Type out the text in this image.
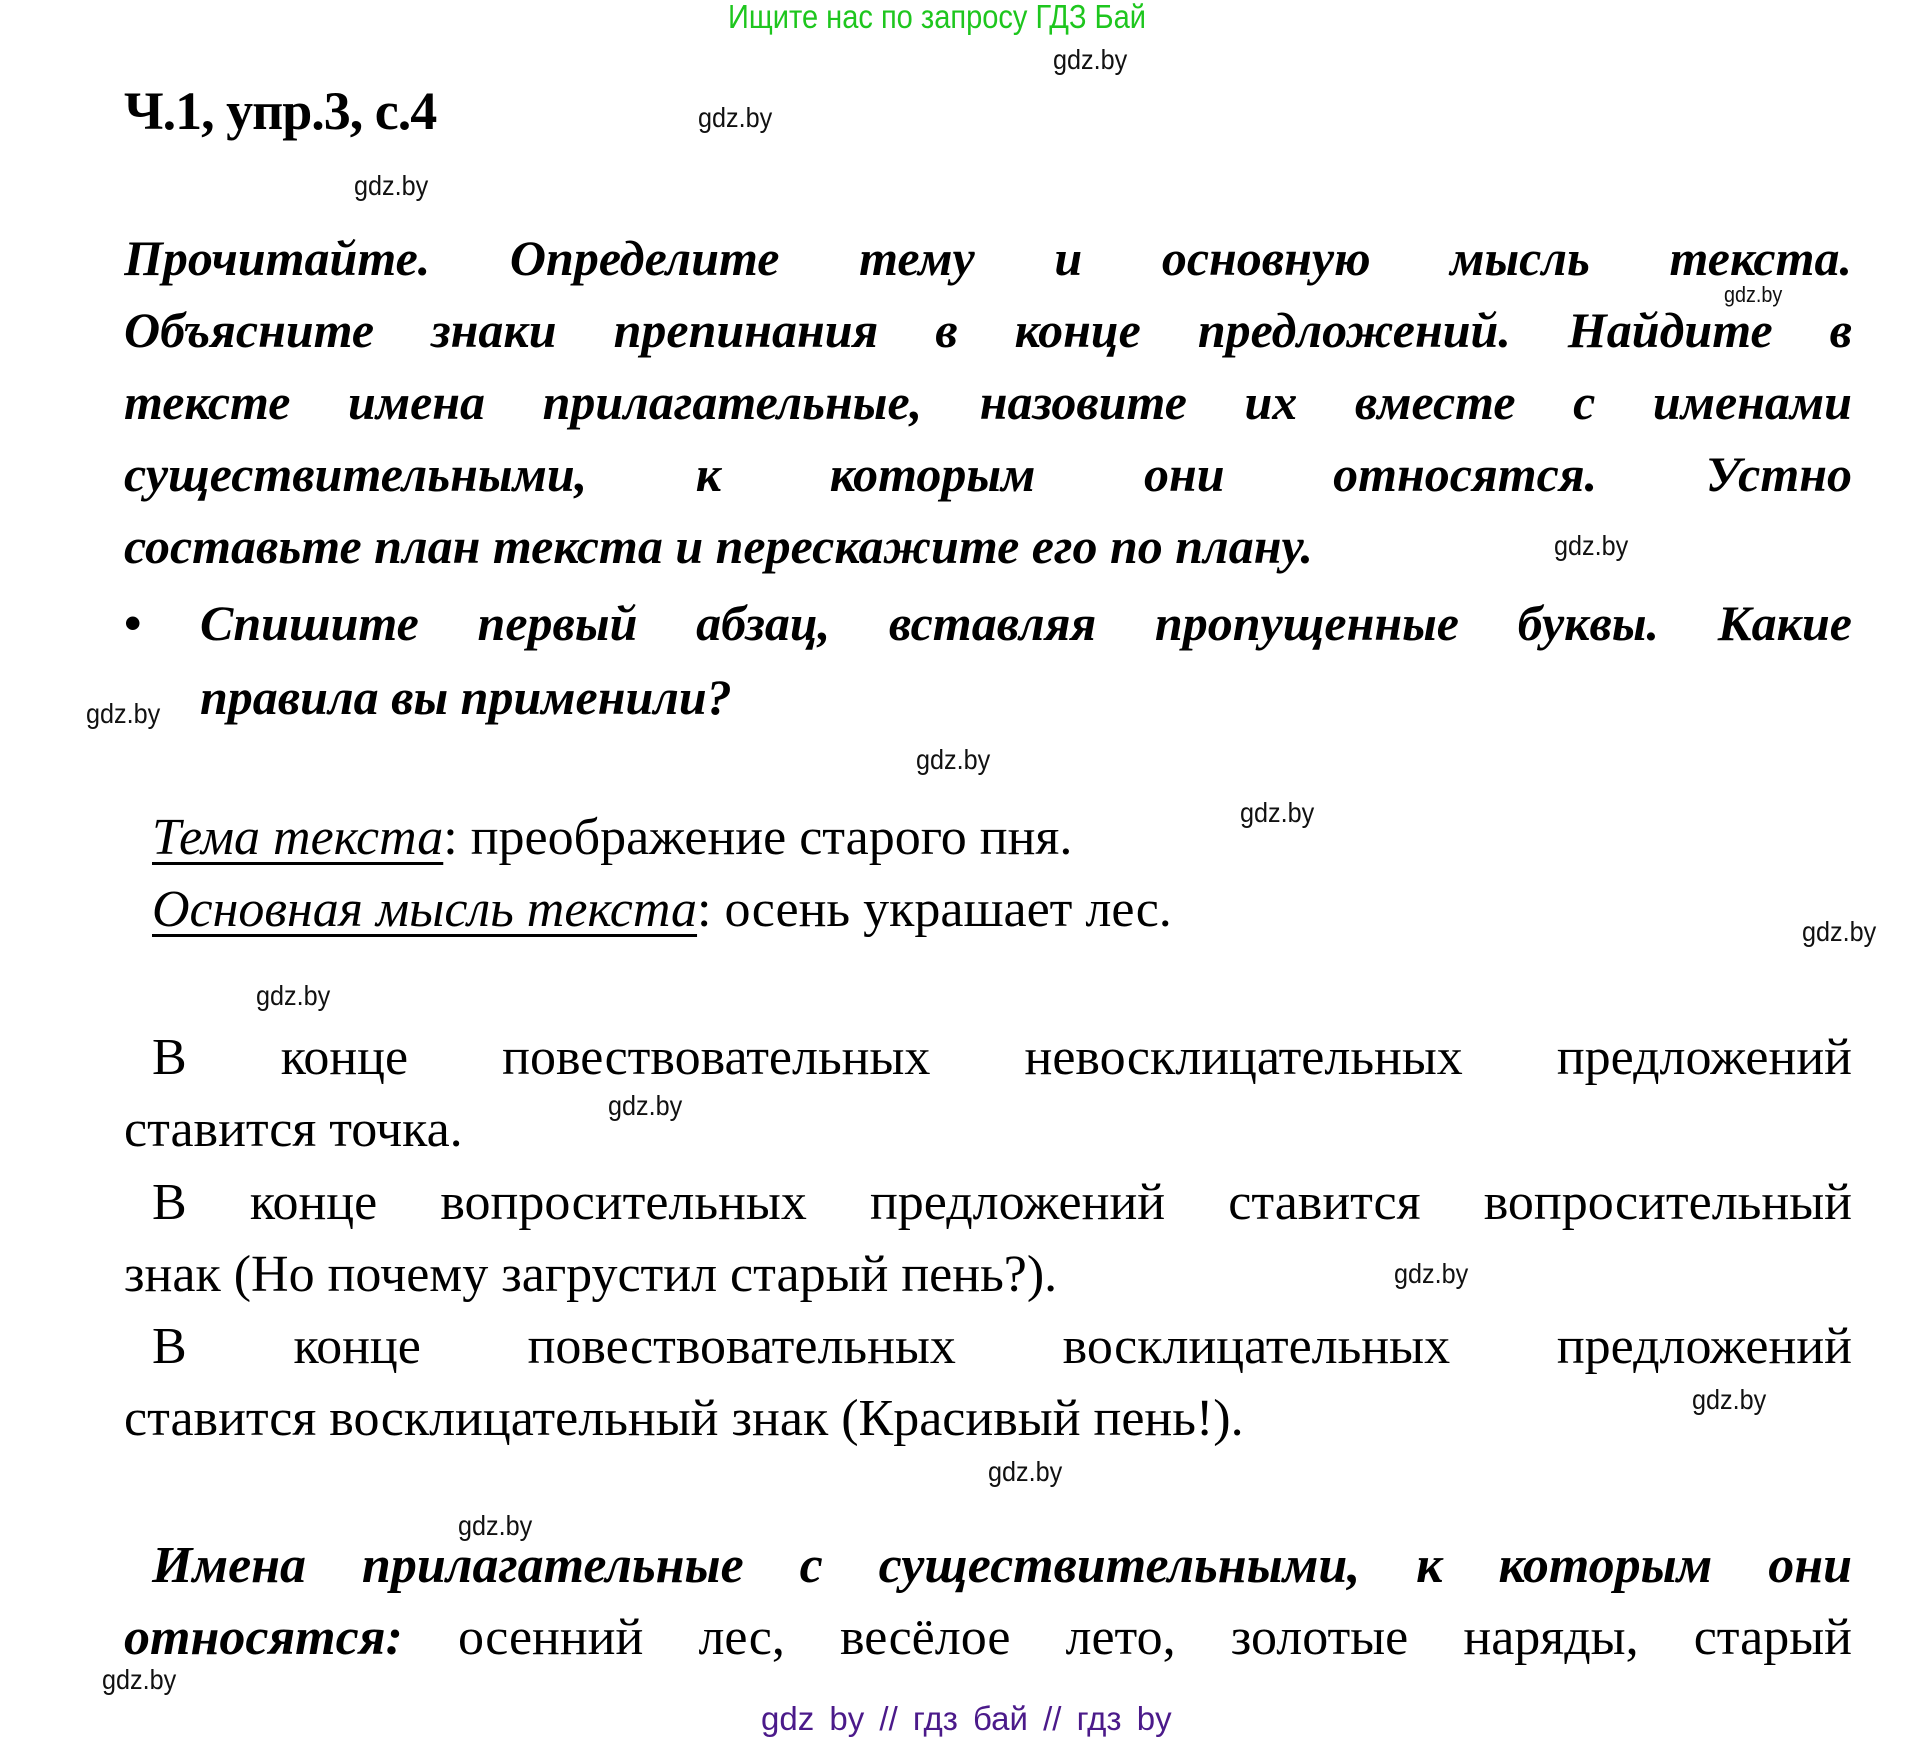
Ищите нас по запросу ГДЗ Бай
Ч.1, упр.3, с.4
Прочитайте. Определите тему и основную мысль текста.
Объясните знаки препинания в конце предложений. Найдите в
тексте имена прилагательные, назовите их вместе с именами
существительными, к которым они относятся. Устно
составьте план текста и перескажите его по плану.
• Спишите первый абзац, вставляя пропущенные буквы. Какие
правила вы применили?
Тема текста: преображение старого пня.
Основная мысль текста: осень украшает лес.
В конце повествовательных невосклицательных предложений
ставится точка.
В конце вопросительных предложений ставится вопросительный
знак (Но почему загрустил старый пень?).
В конце повествовательных восклицательных предложений
ставится восклицательный знак (Красивый пень!).
Имена прилагательные с существительными, к которым они
относятся: осенний лес, весёлое лето, золотые наряды, старый
gdz.by
gdz.by
gdz.by
gdz.by
gdz.by
gdz.by
gdz.by
gdz.by
gdz.by
gdz.by
gdz.by
gdz.by
gdz.by
gdz.by
gdz.by
gdz.by
gdz by // гдз бай // гдз by
